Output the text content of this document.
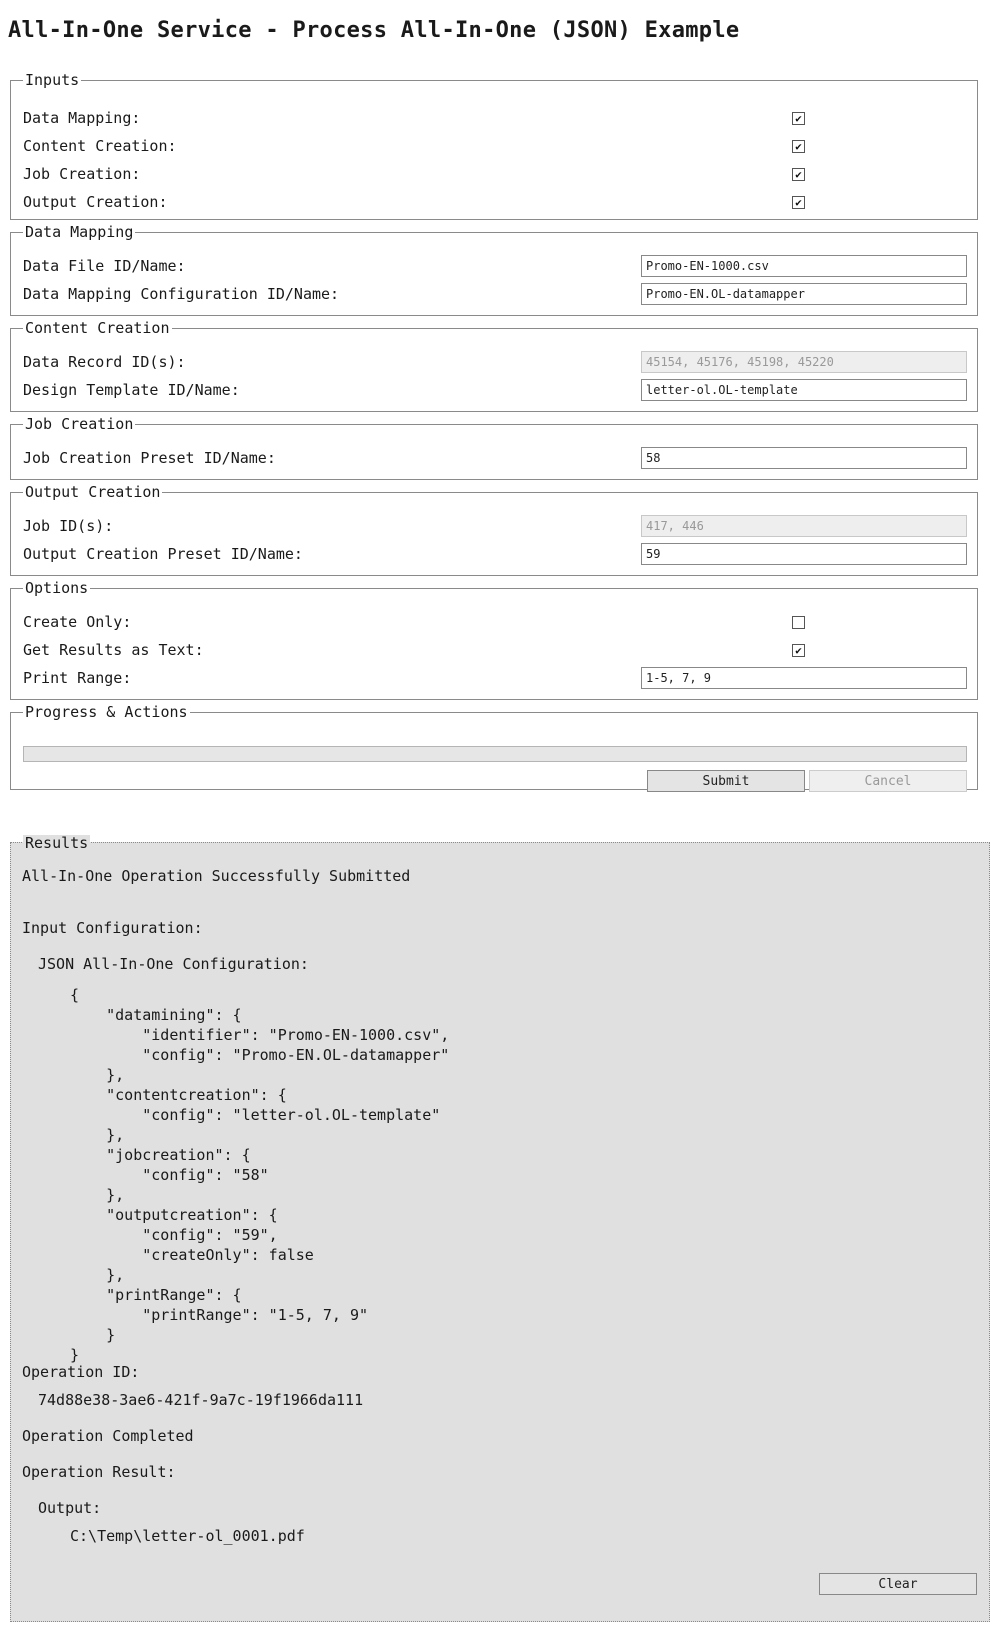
All-In-One Service - Process All-In-One (JSON) Example
Inputs
Data Mapping:	✔
Content Creation:	✔
Job Creation:	✔
Output Creation:	✔
Data Mapping
Data File ID/Name:	Promo-EN-1000.csv
Data Mapping Configuration ID/Name:	Promo-EN.OL-datamapper
Content Creation
Data Record ID(s):	45154, 45176, 45198, 45220
Design Template ID/Name:	letter-ol.OL-template
Job Creation
Job Creation Preset ID/Name:	58
Output Creation
Job ID(s):	417, 446
Output Creation Preset ID/Name:	59
Options
Create Only:
Get Results as Text:	✔
Print Range:	1-5, 7, 9
Progress & Actions
Submit	Cancel
Results
All-In-One Operation Successfully Submitted
Input Configuration:
JSON All-In-One Configuration:
{
"datamining": {
"identifier": "Promo-EN-1000.csv",
"config": "Promo-EN.OL-datamapper"
},
"contentcreation": {
"config": "letter-ol.OL-template"
},
"jobcreation": {
"config": "58"
},
"outputcreation": {
"config": "59",
"createOnly": false
},
"printRange": {
"printRange": "1-5, 7, 9"
}
}
Operation ID:
74d88e38-3ae6-421f-9a7c-19f1966da111
Operation Completed
Operation Result:
Output:
C:\Temp\letter-ol_0001.pdf
Clear
